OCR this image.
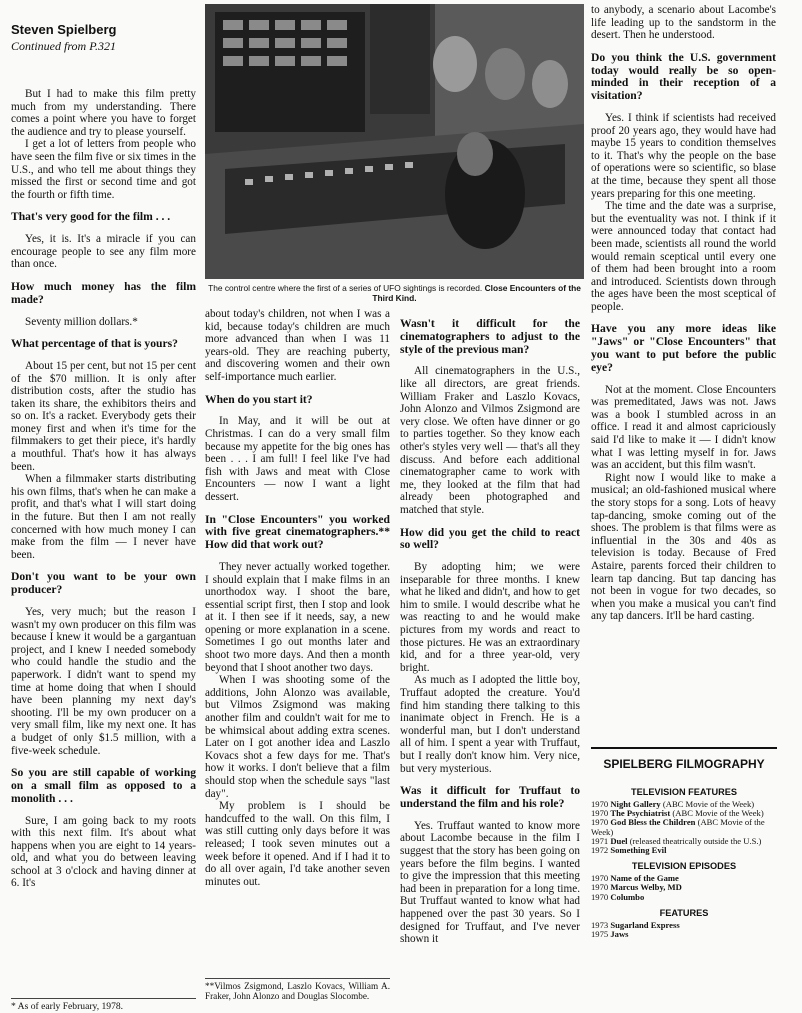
Steven Spielberg
Continued from P.321
The control centre where the first of a series of UFO sightings is recorded. Close Encounters of the Third Kind.

But I had to make this film pretty much from my understanding. There comes a point where you have to forget the audience and try to please yourself.

I get a lot of letters from people who have seen the film five or six times in the U.S., and who tell me about things they missed the first or second time and got the fourth or fifth time.

That's very good for the film . . .

Yes, it is. It's a miracle if you can encourage people to see any film more than once.

How much money has the film made?

Seventy million dollars.*

What percentage of that is yours?

About 15 per cent, but not 15 per cent of the $70 million. It is only after distribution costs, after the studio has taken its share, the exhibitors theirs and so on. It's a racket. Everybody gets their money first and when it's time for the filmmakers to get their piece, it's hardly a mouthful. That's how it has always been.

When a filmmaker starts distributing his own films, that's when he can make a profit, and that's what I will start doing in the future. But then I am not really concerned with how much money I can make from the film — I never have been.

Don't you want to be your own producer?

Yes, very much; but the reason I wasn't my own producer on this film was because I knew it would be a gargantuan project, and I knew I needed somebody who could handle the studio and the paperwork. I didn't want to spend my time at home doing that when I should have been planning my next day's shooting. I'll be my own producer on a very small film, like my next one. It has a budget of only $1.5 million, with a five-week schedule.

So you are still capable of working on a small film as opposed to a monolith . . .

Sure, I am going back to my roots with this next film. It's about what happens when you are eight to 14 years-old, and what you do between leaving school at 3 o'clock and having dinner at 6. It's

about today's children, not when I was a kid, because today's children are much more advanced than when I was 11 years-old. They are reaching puberty, and discovering women and their own self-importance much earlier.

When do you start it?

In May, and it will be out at Christmas. I can do a very small film because my appetite for the big ones has been . . . I am full! I feel like I've had fish with Jaws and meat with Close Encounters — now I want a light dessert.

In "Close Encounters" you worked with five great cinematographers.** How did that work out?

They never actually worked together. I should explain that I make films in an unorthodox way. I shoot the bare, essential script first, then I stop and look at it. I then see if it needs, say, a new opening or more explanation in a scene. Sometimes I go out months later and shoot two more days. And then a month beyond that I shoot another two days.

When I was shooting some of the additions, John Alonzo was available, but Vilmos Zsigmond was making another film and couldn't wait for me to be whimsical about adding extra scenes. Later on I got another idea and Laszlo Kovacs shot a few days for me. That's how it works. I don't believe that a film should stop when the schedule says "last day".

My problem is I should be handcuffed to the wall. On this film, I was still cutting only days before it was released; I took seven minutes out a week before it opened. And if I had it to do all over again, I'd take another seven minutes out.

Wasn't it difficult for the cinematographers to adjust to the style of the previous man?

All cinematographers in the U.S., like all directors, are great friends. William Fraker and Laszlo Kovacs, John Alonzo and Vilmos Zsigmond are very close. We often have dinner or go to parties together. So they know each other's styles very well — that's all they discuss. And before each additional cinematographer came to work with me, they looked at the film that had already been photographed and matched that style.

How did you get the child to react so well?

By adopting him; we were inseparable for three months. I knew what he liked and didn't, and how to get him to smile. I would describe what he was reacting to and he would make pictures from my words and react to those pictures. He was an extraordinary kid, and for a three year-old, very bright.

As much as I adopted the little boy, Truffaut adopted the creature. You'd find him standing there talking to this inanimate object in French. He is a wonderful man, but I don't understand all of him. I spent a year with Truffaut, but I really don't know him. Very nice, but very mysterious.

Was it difficult for Truffaut to understand the film and his role?

Yes. Truffaut wanted to know more about Lacombe because in the film I suggest that the story has been going on years before the film begins. I wanted to give the impression that this meeting had been in preparation for a long time. But Truffaut wanted to know what had happened over the past 30 years. So I designed for Truffaut, and I've never shown it

to anybody, a scenario about Lacombe's life leading up to the sandstorm in the desert. Then he understood.

Do you think the U.S. government today would really be so open-minded in their reception of a visitation?

Yes. I think if scientists had received proof 20 years ago, they would have had maybe 15 years to condition themselves to it. That's why the people on the base of operations were so scientific, so blase at the time, because they spent all those years preparing for this one meeting.

The time and the date was a surprise, but the eventuality was not. I think if it were announced today that contact had been made, scientists all round the world would remain sceptical until every one of them had been brought into a room and introduced. Scientists down through the ages have been the most sceptical of people.

Have you any more ideas like "Jaws" or "Close Encounters" that you want to put before the public eye?

Not at the moment. Close Encounters was premeditated, Jaws was not. Jaws was a book I stumbled across in an office. I read it and almost capriciously said I'd like to make it — I didn't know what I was letting myself in for. Jaws was an accident, but this film wasn't.

Right now I would like to make a musical; an old-fashioned musical where the story stops for a song. Lots of heavy tap-dancing, smoke coming out of the shoes. The problem is that films were as influential in the 30s and 40s as television is today. Because of Fred Astaire, parents forced their children to learn tap dancing. But tap dancing has not been in vogue for two decades, so when you make a musical you can't find any tap dancers. It'll be hard casting.

* As of early February, 1978.
**Vilmos Zsigmond, Laszlo Kovacs, William A. Fraker, John Alonzo and Douglas Slocombe.
SPIELBERG FILMOGRAPHY
TELEVISION FEATURES
1970 Night Gallery (ABC Movie of the Week)
1970 The Psychiatrist (ABC Movie of the Week)
1970 God Bless the Children (ABC Movie of the Week)
1971 Duel (released theatrically outside the U.S.)
1972 Something Evil
TELEVISION EPISODES
1970 Name of the Game
1970 Marcus Welby, MD
1970 Columbo
FEATURES
1973 Sugarland Express
1975 Jaws
